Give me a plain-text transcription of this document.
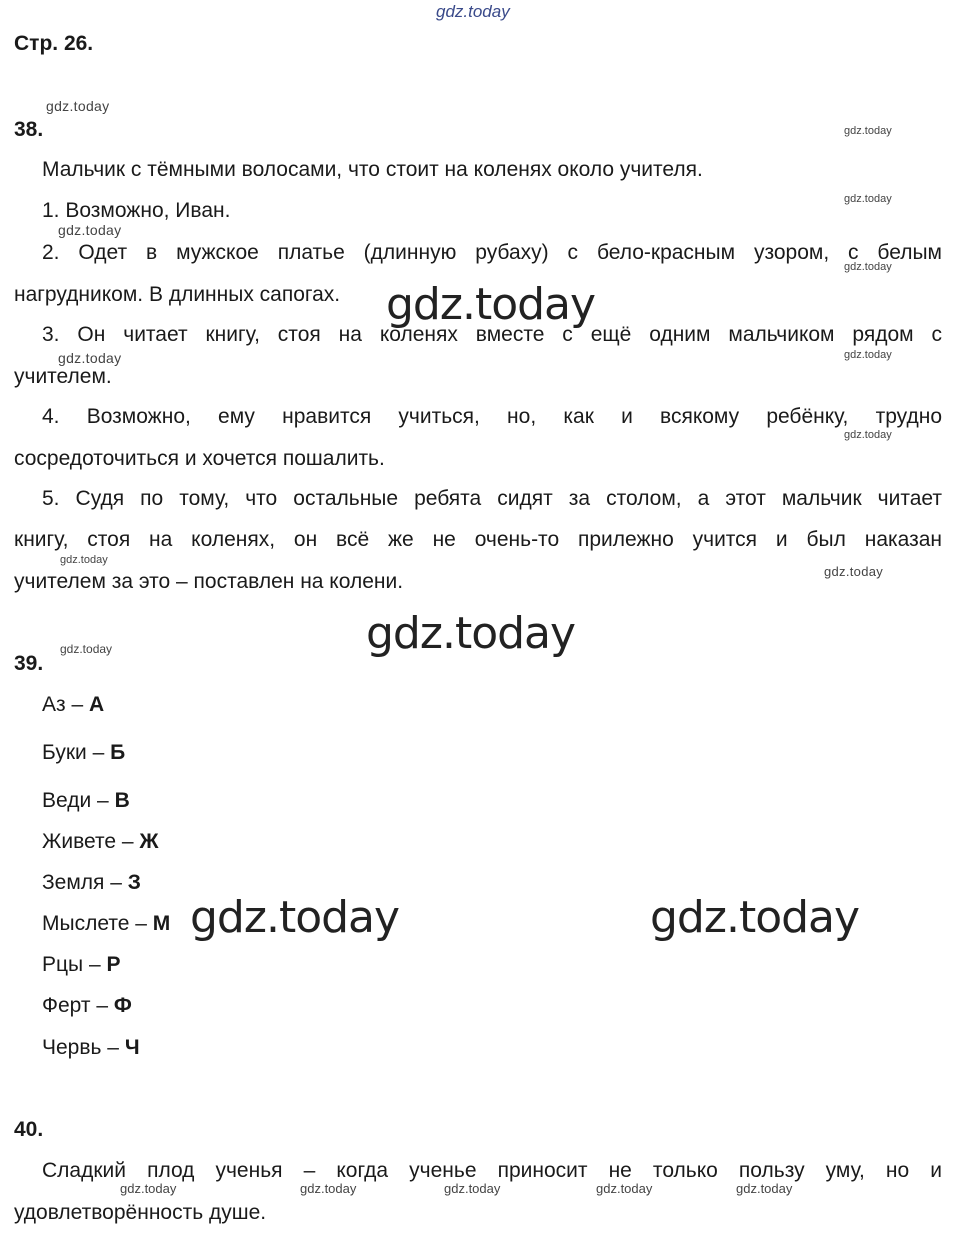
gdz.today
Стр. 26.
gdz.today
38.	gdz.today
Мальчик с тёмными волосами, что стоит на коленях около учителя.
gdz.today
1. Возможно, Иван.
gdz.today
2. Одет в мужское платье (длинную рубаху) с бело-красным узором, с белым
gdz.today
нагрудником. В длинных сапогах. gdz.today
3. Он читает книгу, стоя на коленях вместе с ещё одним мальчиком рядом с
gdz.today
gdz.today
учителем.
4. Возможно, ему нравится учиться, но, как и всякому ребёнку, трудно
gdz.today
сосредоточиться и хочется пошалить.
5. Судя по тому, что остальные ребята сидят за столом, а этот мальчик читает
книгу, стоя на коленях, он всё же не очень-то прилежно учится и был наказан
gdz.today
учителем за это – поставлен на колени.	gdz.today
gdz.today
gdz.today
39.
Аз – А
Буки – Б
Веди – В
Живете – Ж
Земля – З
Мыслете – М gdz.today	gdz.today
Рцы – Р
Ферт – Ф
Червь – Ч
40.
Сладкий плод ученья – когда ученье приносит не только пользу уму, но и
gdz.today	gdz.today	gdz.today	gdz.today	gdz.today
удовлетворённость душе.
